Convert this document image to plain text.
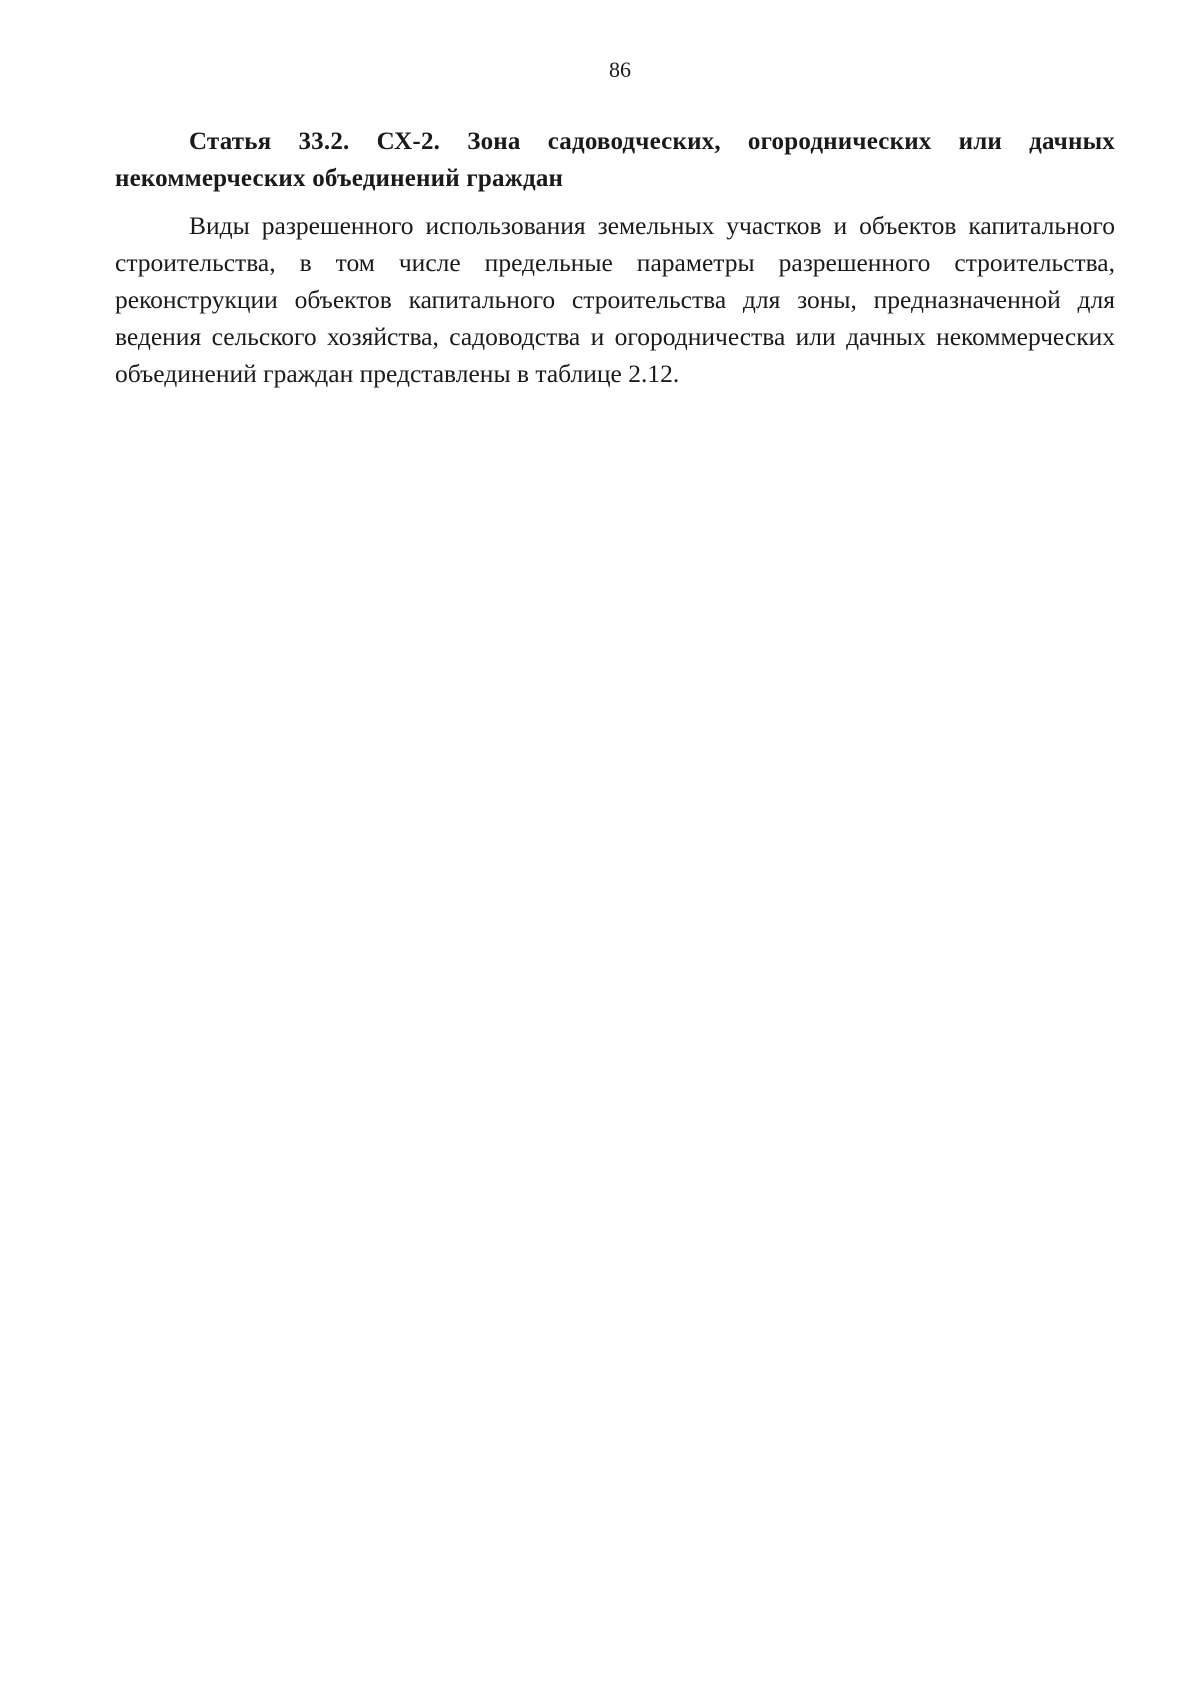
86
Статья 33.2. СХ-2. Зона садоводческих, огороднических или дачных некоммерческих объединений граждан

Виды разрешенного использования земельных участков и объектов капитального строительства, в том числе предельные параметры разрешенного строительства, реконструкции объектов капитального строительства для зоны, предназначенной для ведения сельского хозяйства, садоводства и огородничества или дачных некоммерческих объединений граждан представлены в таблице 2.12.
